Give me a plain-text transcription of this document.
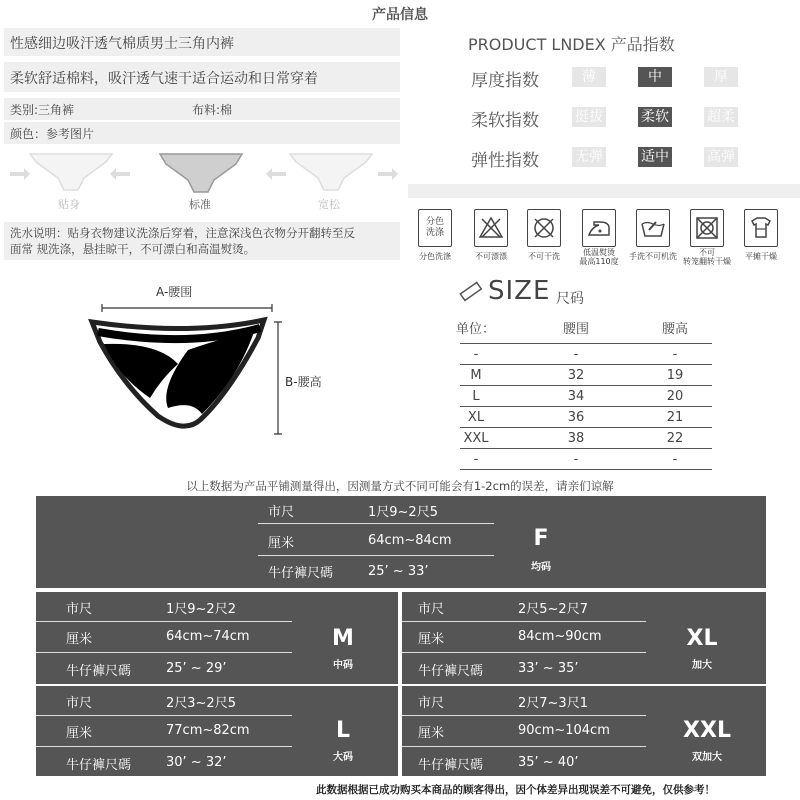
产品信息
性感细边吸汗透气棉质男士三角内裤
柔软舒适棉料，吸汗透气速干适合运动和日常穿着
类别:三角裤	布料:棉
颜色：参考图片
贴身	标准	宽松
洗水说明：贴身衣物建议洗涤后穿着，注意深浅色衣物分开翻转至反面常 规洗涤，悬挂晾干，不可漂白和高温熨烫。
PRODUCT LNDEX 产品指数
厚度指数	薄	中	厚
柔软指数	挺拔	柔软	超柔
弹性指数	无弹	适中	高弹
分色
洗涤
分色洗涤	不可漂漂	不可干洗	低温熨烫
最高110度
手洗不可机洗	不可
转笼翻转干燥
平摊干燥
A-腰围
B-腰高
SIZE 尺码
单位：	腰围	腰高
-	-	-
M	32	19
L	34	20
XL	36	21
XXL	38	22
-	-	-
以上数据为产品平铺测量得出，因测量方式不同可能会有1-2cm的误差，请亲们谅解
市尺	1尺9~2尺5
厘米	64cm~84cm
牛仔褲尺碼	25’ ~ 33’
F
均码
市尺	1尺9~2尺2
厘米	64cm~74cm
牛仔褲尺碼	25’ ~ 29’
M
中码
市尺	2尺5~2尺7
厘米	84cm~90cm
牛仔褲尺碼	33’ ~ 35’
XL
加大
市尺	2尺3~2尺5
厘米	77cm~82cm
牛仔褲尺碼	30’ ~ 32’
L
大码
市尺	2尺7~3尺1
厘米	90cm~104cm
牛仔褲尺碼	35’ ~ 40’
XXL
双加大
此数据根据已成功购买本商品的顾客得出，因个体差异出现误差不可避免，仅供参考！
